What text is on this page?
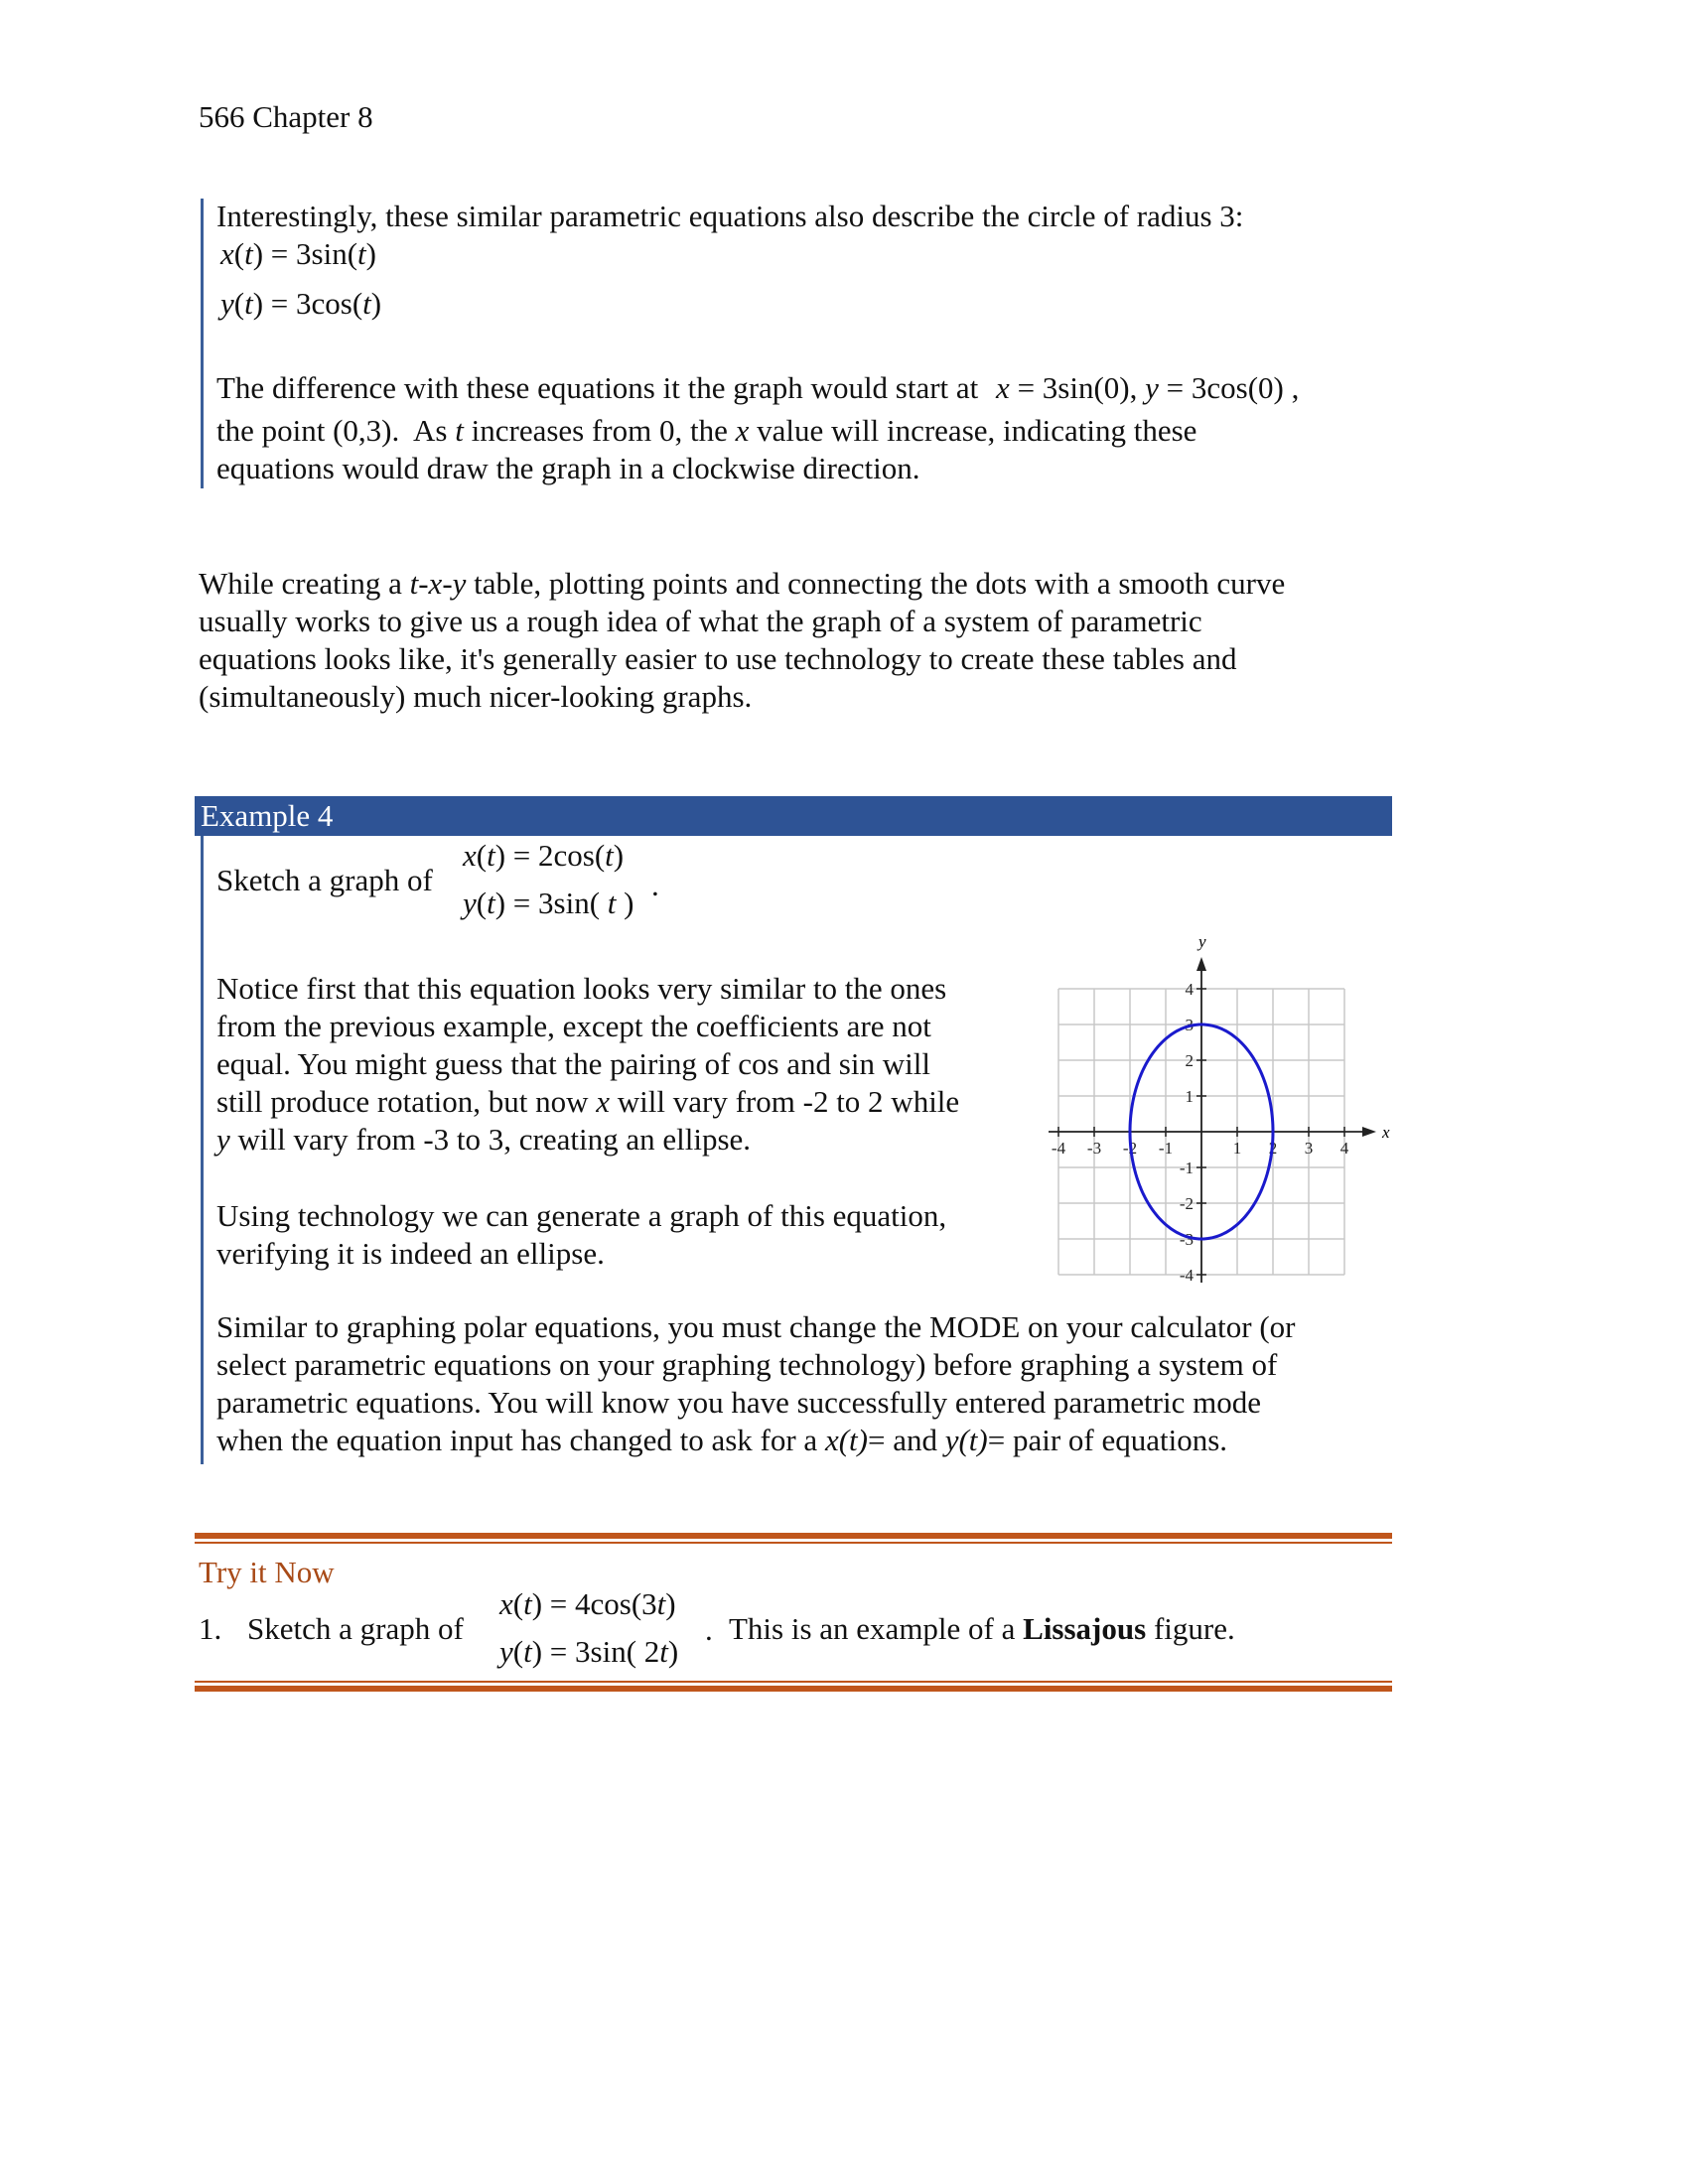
566 Chapter 8
Interestingly, these similar parametric equations also describe the circle of radius 3:
x(t) = 3sin(t)
y(t) = 3cos(t)
The difference with these equations it the graph would start at x = 3sin(0), y = 3cos(0) ,
the point (0,3).  As t increases from 0, the x value will increase, indicating these
equations would draw the graph in a clockwise direction.
While creating a t-x-y table, plotting points and connecting the dots with a smooth curve
usually works to give us a rough idea of what the graph of a system of parametric
equations looks like, it's generally easier to use technology to create these tables and
(simultaneously) much nicer-looking graphs.
Example 4
Sketch a graph of
x(t) = 2cos(t)
y(t) = 3sin( t )
.
Notice first that this equation looks very similar to the ones
from the previous example, except the coefficients are not
equal. You might guess that the pairing of cos and sin will
still produce rotation, but now x will vary from -2 to 2 while
y will vary from -3 to 3, creating an ellipse.
Using technology we can generate a graph of this equation,
verifying it is indeed an ellipse.
-4 -3 -2 -1	1 2 3 4
4
3
2
1
-1
-2
-3
-4
x
y
Similar to graphing polar equations, you must change the MODE on your calculator (or
select parametric equations on your graphing technology) before graphing a system of
parametric equations. You will know you have successfully entered parametric mode
when the equation input has changed to ask for a x(t)= and y(t)= pair of equations.
Try it Now
1. Sketch a graph of
x(t) = 4cos(3t)
y(t) = 3sin( 2t)
. This is an example of a Lissajous figure.
